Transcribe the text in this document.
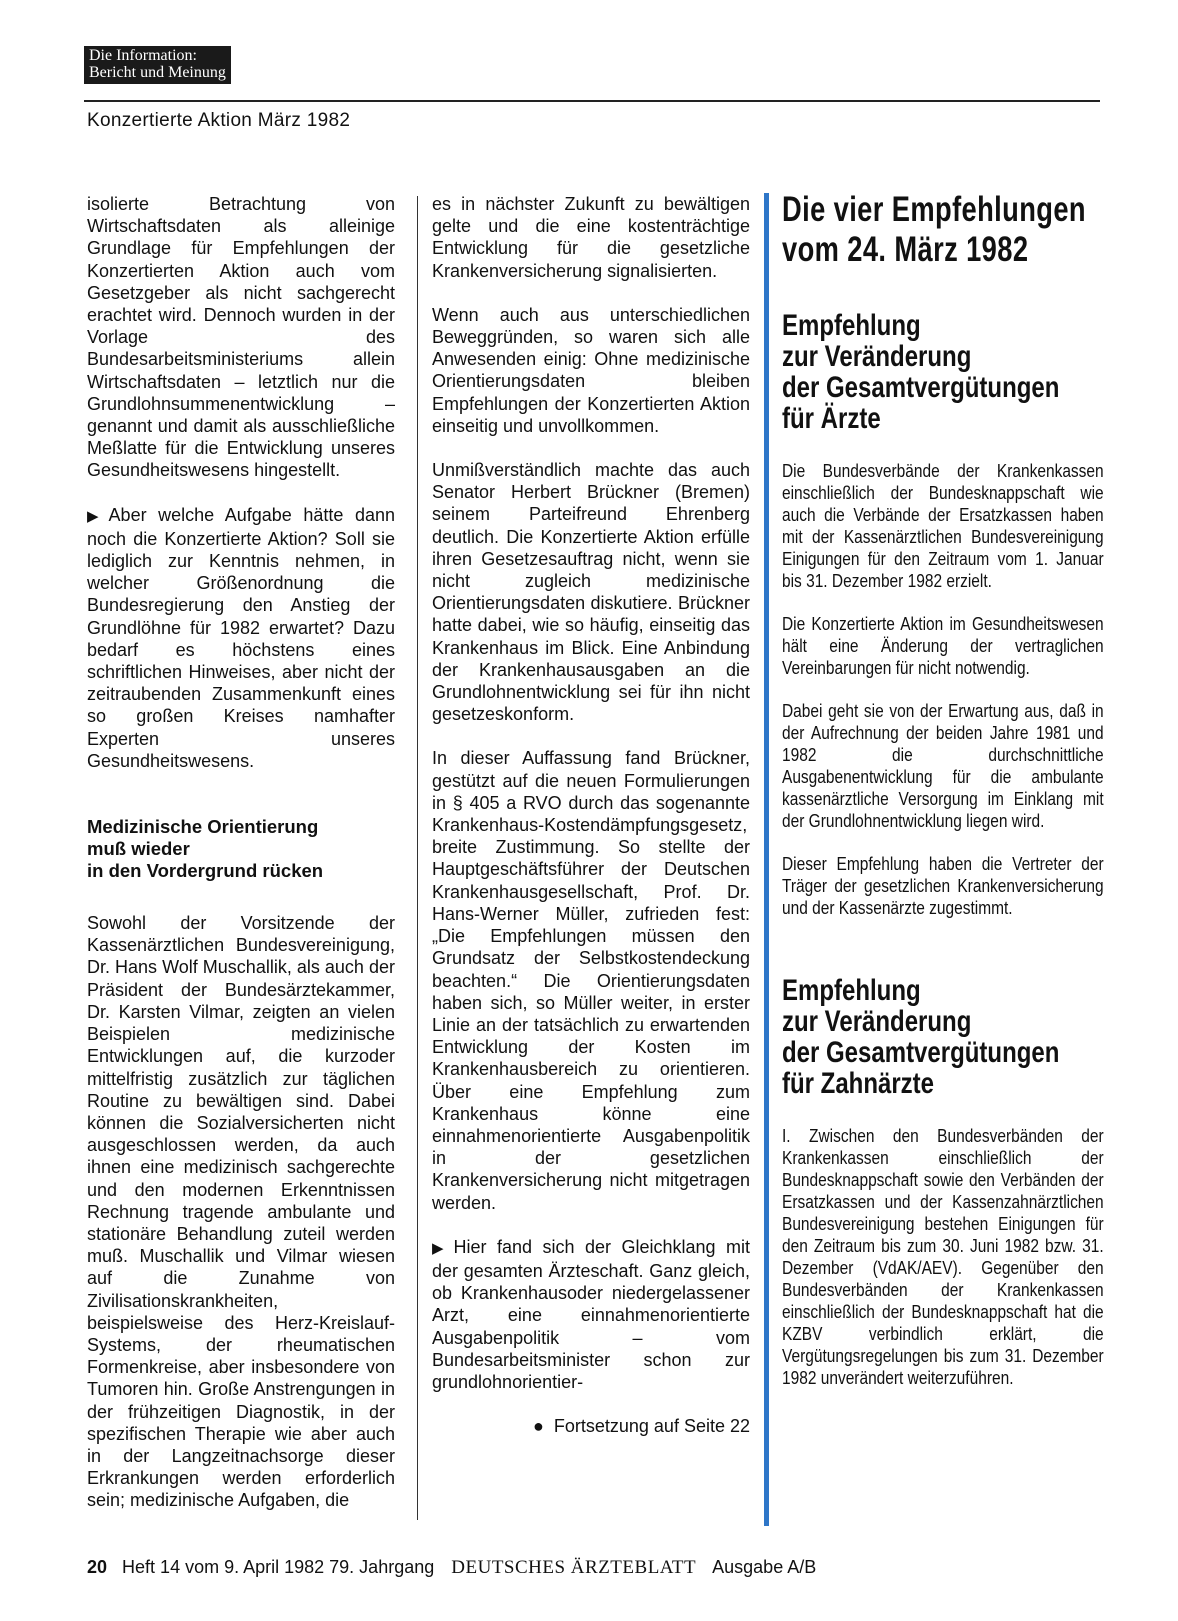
Die Information:
Bericht und Meinung
Konzertierte Aktion März 1982

isolierte Betrachtung von Wirtschaftsdaten als alleinige Grundlage für Empfehlungen der Konzertierten Aktion auch vom Gesetzgeber als nicht sachgerecht erachtet wird. Dennoch wurden in der Vorlage des Bundesarbeitsministeriums allein Wirtschaftsdaten – letztlich nur die Grundlohnsummenentwicklung – genannt und damit als ausschließliche Meßlatte für die Entwicklung unseres Gesundheitswesens hingestellt.

▶ Aber welche Aufgabe hätte dann noch die Konzertierte Aktion? Soll sie lediglich zur Kenntnis nehmen, in welcher Größenordnung die Bundesregierung den Anstieg der Grundlöhne für 1982 erwartet? Dazu bedarf es höchstens eines schriftlichen Hinweises, aber nicht der zeitraubenden Zusammenkunft eines so großen Kreises namhafter Experten unseres Gesundheitswesens.

Medizinische Orientierung
muß wieder
in den Vordergrund rücken

Sowohl der Vorsitzende der Kassenärztlichen Bundesvereinigung, Dr. Hans Wolf Muschallik, als auch der Präsident der Bundesärztekammer, Dr. Karsten Vilmar, zeigten an vielen Beispielen medizinische Entwicklungen auf, die kurzoder mittelfristig zusätzlich zur täglichen Routine zu bewältigen sind. Dabei können die Sozialversicherten nicht ausgeschlossen werden, da auch ihnen eine medizinisch sachgerechte und den modernen Erkenntnissen Rechnung tragende ambulante und stationäre Behandlung zuteil werden muß. Muschallik und Vilmar wiesen auf die Zunahme von Zivilisationskrankheiten, beispielsweise des Herz-Kreislauf-Systems, der rheumatischen Formenkreise, aber insbesondere von Tumoren hin. Große Anstrengungen in der frühzeitigen Diagnostik, in der spezifischen Therapie wie aber auch in der Langzeitnachsorge dieser Erkrankungen werden erforderlich sein; medizinische Aufgaben, die

es in nächster Zukunft zu bewältigen gelte und die eine kostenträchtige Entwicklung für die gesetzliche Krankenversicherung signalisierten.

Wenn auch aus unterschiedlichen Beweggründen, so waren sich alle Anwesenden einig: Ohne medizinische Orientierungsdaten bleiben Empfehlungen der Konzertierten Aktion einseitig und unvollkommen.

Unmißverständlich machte das auch Senator Herbert Brückner (Bremen) seinem Parteifreund Ehrenberg deutlich. Die Konzertierte Aktion erfülle ihren Gesetzesauftrag nicht, wenn sie nicht zugleich medizinische Orientierungsdaten diskutiere. Brückner hatte dabei, wie so häufig, einseitig das Krankenhaus im Blick. Eine Anbindung der Krankenhausausgaben an die Grundlohnentwicklung sei für ihn nicht gesetzeskonform.

In dieser Auffassung fand Brückner, gestützt auf die neuen Formulierungen in § 405 a RVO durch das sogenannte Krankenhaus-Kostendämpfungsgesetz, breite Zustimmung. So stellte der Hauptgeschäftsführer der Deutschen Krankenhausgesellschaft, Prof. Dr. Hans-Werner Müller, zufrieden fest: „Die Empfehlungen müssen den Grundsatz der Selbstkostendeckung beachten.“ Die Orientierungsdaten haben sich, so Müller weiter, in erster Linie an der tatsächlich zu erwartenden Entwicklung der Kosten im Krankenhausbereich zu orientieren. Über eine Empfehlung zum Krankenhaus könne eine einnahmenorientierte Ausgabenpolitik in der gesetzlichen Krankenversicherung nicht mitgetragen werden.

▶ Hier fand sich der Gleichklang mit der gesamten Ärzteschaft. Ganz gleich, ob Krankenhausoder niedergelassener Arzt, eine einnahmenorientierte Ausgabenpolitik – vom Bundesarbeitsminister schon zur grundlohnorientier-

● Fortsetzung auf Seite 22

Die vier Empfehlungen
vom 24. März 1982
Empfehlung
zur Veränderung
der Gesamtvergütungen
für Ärzte

Die Bundesverbände der Krankenkassen einschließlich der Bundesknappschaft wie auch die Verbände der Ersatzkassen haben mit der Kassenärztlichen Bundesvereinigung Einigungen für den Zeitraum vom 1. Januar bis 31. Dezember 1982 erzielt.

Die Konzertierte Aktion im Gesundheitswesen hält eine Änderung der vertraglichen Vereinbarungen für nicht notwendig.

Dabei geht sie von der Erwartung aus, daß in der Aufrechnung der beiden Jahre 1981 und 1982 die durchschnittliche Ausgabenentwicklung für die ambulante kassenärztliche Versorgung im Einklang mit der Grundlohnentwicklung liegen wird.

Dieser Empfehlung haben die Vertreter der Träger der gesetzlichen Krankenversicherung und der Kassenärzte zugestimmt.

Empfehlung
zur Veränderung
der Gesamtvergütungen
für Zahnärzte

I. Zwischen den Bundesverbänden der Krankenkassen einschließlich der Bundesknappschaft sowie den Verbänden der Ersatzkassen und der Kassenzahnärztlichen Bundesvereinigung bestehen Einigungen für den Zeitraum bis zum 30. Juni 1982 bzw. 31. Dezember (VdAK/AEV). Gegenüber den Bundesverbänden der Krankenkassen einschließlich der Bundesknappschaft hat die KZBV verbindlich erklärt, die Vergütungsregelungen bis zum 31. Dezember 1982 unverändert weiterzuführen.

20 Heft 14 vom 9. April 1982 79. Jahrgang DEUTSCHES ÄRZTEBLATT Ausgabe A/B
